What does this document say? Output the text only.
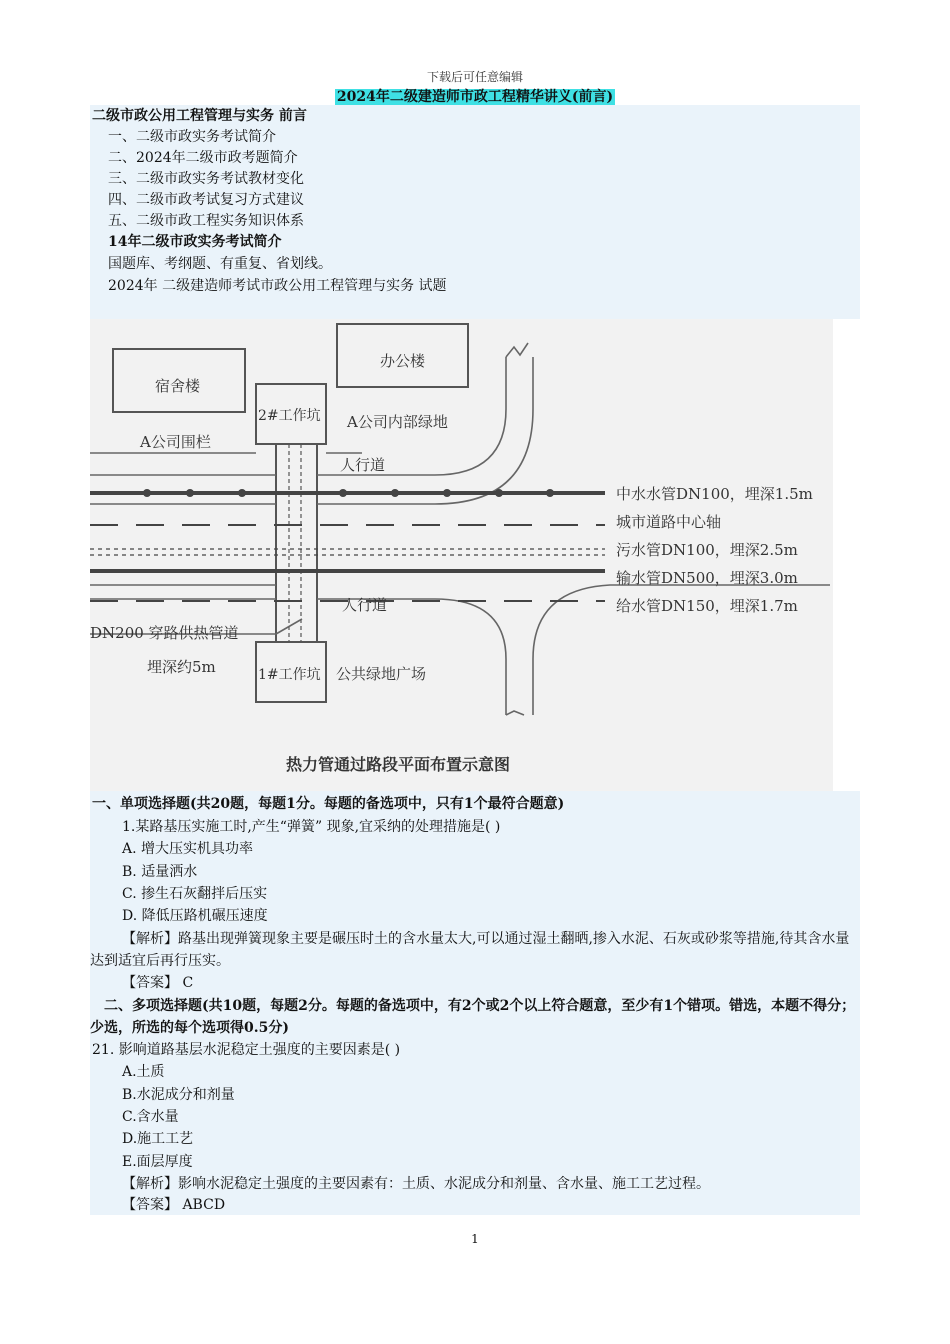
下载后可任意编辑
2024年二级建造师市政工程精华讲义(前言)
二级市政公用工程管理与实务 前言
一、二级市政实务考试简介
二、2024年二级市政考题简介
三、二级市政实务考试教材变化
四、二级市政考试复习方式建议
五、二级市政工程实务知识体系
14年二级市政实务考试简介
国题库、考纲题、有重复、省划线。
2024年 二级建造师考试市政公用工程管理与实务 试题
宿舍楼
办公楼
2#工作坑 A公司内部绿地
A公司围栏
人行道
中水水管DN100，埋深1.5m
城市道路中心轴
污水管DN100，埋深2.5m
输水管DN500，埋深3.0m
给水管DN150，埋深1.7m
人行道
DN200 穿路供热管道
埋深约5m	1#工作坑 公共绿地广场
热力管通过路段平面布置示意图
一、单项选择题(共20题，每题1分。每题的备选项中，只有1个最符合题意)
1.某路基压实施工时,产生“弹簧” 现象,宜采纳的处理措施是( )
A. 增大压实机具功率
B. 适量洒水
C. 掺生石灰翻拌后压实
D. 降低压路机碾压速度
【解析】路基出现弹簧现象主要是碾压时土的含水量太大,可以通过湿土翻晒,掺入水泥、石灰或砂浆等措施,待其含水量达到适宜后再行压实。
【答案】 C
二、多项选择题(共10题，每题2分。每题的备选项中，有2个或2个以上符合题意，至少有1个错项。错选，本题不得分；少选，所选的每个选项得0.5分)
21. 影响道路基层水泥稳定土强度的主要因素是( )
A.土质
B.水泥成分和剂量
C.含水量
D.施工工艺
E.面层厚度
【解析】影响水泥稳定土强度的主要因素有：土质、水泥成分和剂量、含水量、施工工艺过程。
【答案】 ABCD
1
